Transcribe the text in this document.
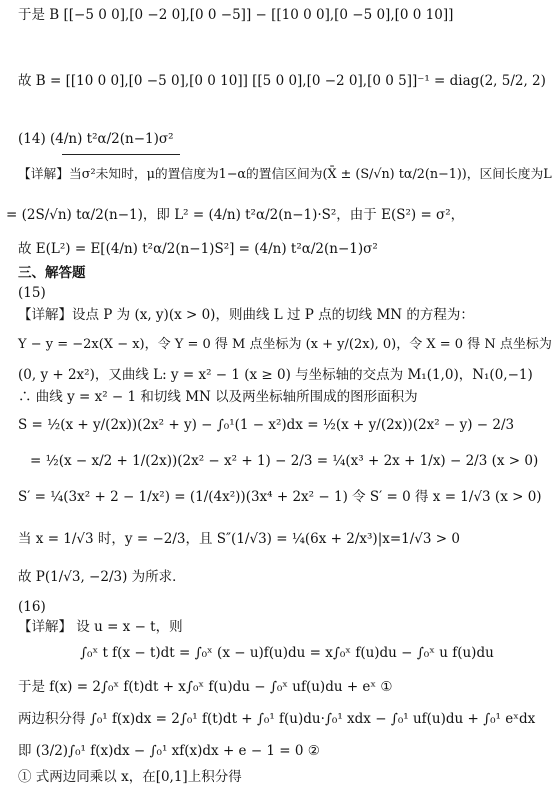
于是 B [[−5 0 0],[0 −2 0],[0 0 −5]] − [[10 0 0],[0 −5 0],[0 0 10]]
故 B = [[10 0 0],[0 −5 0],[0 0 10]] [[5 0 0],[0 −2 0],[0 0 5]]⁻¹ = diag(2, 5/2, 2)
(14) (4/n) t²α/2(n−1)σ²
【详解】当σ²未知时，μ的置信度为1−α的置信区间为(X̄ ± (S/√n) tα/2(n−1))，区间长度为L
= (2S/√n) tα/2(n−1)，即 L² = (4/n) t²α/2(n−1)·S²，由于 E(S²) = σ²，
故 E(L²) = E[(4/n) t²α/2(n−1)S²] = (4/n) t²α/2(n−1)σ²
三、解答题
(15)
【详解】设点 P 为 (x, y)(x > 0)，则曲线 L 过 P 点的切线 MN 的方程为：
Y − y = −2x(X − x)，令 Y = 0 得 M 点坐标为 (x + y/(2x), 0)，令 X = 0 得 N 点坐标为
(0, y + 2x²)，又曲线 L: y = x² − 1 (x ≥ 0) 与坐标轴的交点为 M₁(1,0)，N₁(0,−1)
∴ 曲线 y = x² − 1 和切线 MN 以及两坐标轴所围成的图形面积为
S = ½(x + y/(2x))(2x² + y) − ∫₀¹(1 − x²)dx = ½(x + y/(2x))(2x² − y) − 2/3
= ½(x − x/2 + 1/(2x))(2x² − x² + 1) − 2/3 = ¼(x³ + 2x + 1/x) − 2/3 (x > 0)
S′ = ¼(3x² + 2 − 1/x²) = (1/(4x²))(3x⁴ + 2x² − 1) 令 S′ = 0 得 x = 1/√3 (x > 0)
当 x = 1/√3 时，y = −2/3，且 S″(1/√3) = ¼(6x + 2/x³)|x=1/√3 > 0
故 P(1/√3, −2/3) 为所求．
(16)
【详解】 设 u = x − t，则
∫₀ˣ t f(x − t)dt = ∫₀ˣ (x − u)f(u)du = x∫₀ˣ f(u)du − ∫₀ˣ u f(u)du
于是 f(x) = 2∫₀ˣ f(t)dt + x∫₀ˣ f(u)du − ∫₀ˣ uf(u)du + eˣ ①
两边积分得 ∫₀¹ f(x)dx = 2∫₀¹ f(t)dt + ∫₀¹ f(u)du·∫₀¹ xdx − ∫₀¹ uf(u)du + ∫₀¹ eˣdx
即 (3/2)∫₀¹ f(x)dx − ∫₀¹ xf(x)dx + e − 1 = 0 ②
① 式两边同乘以 x，在[0,1]上积分得
